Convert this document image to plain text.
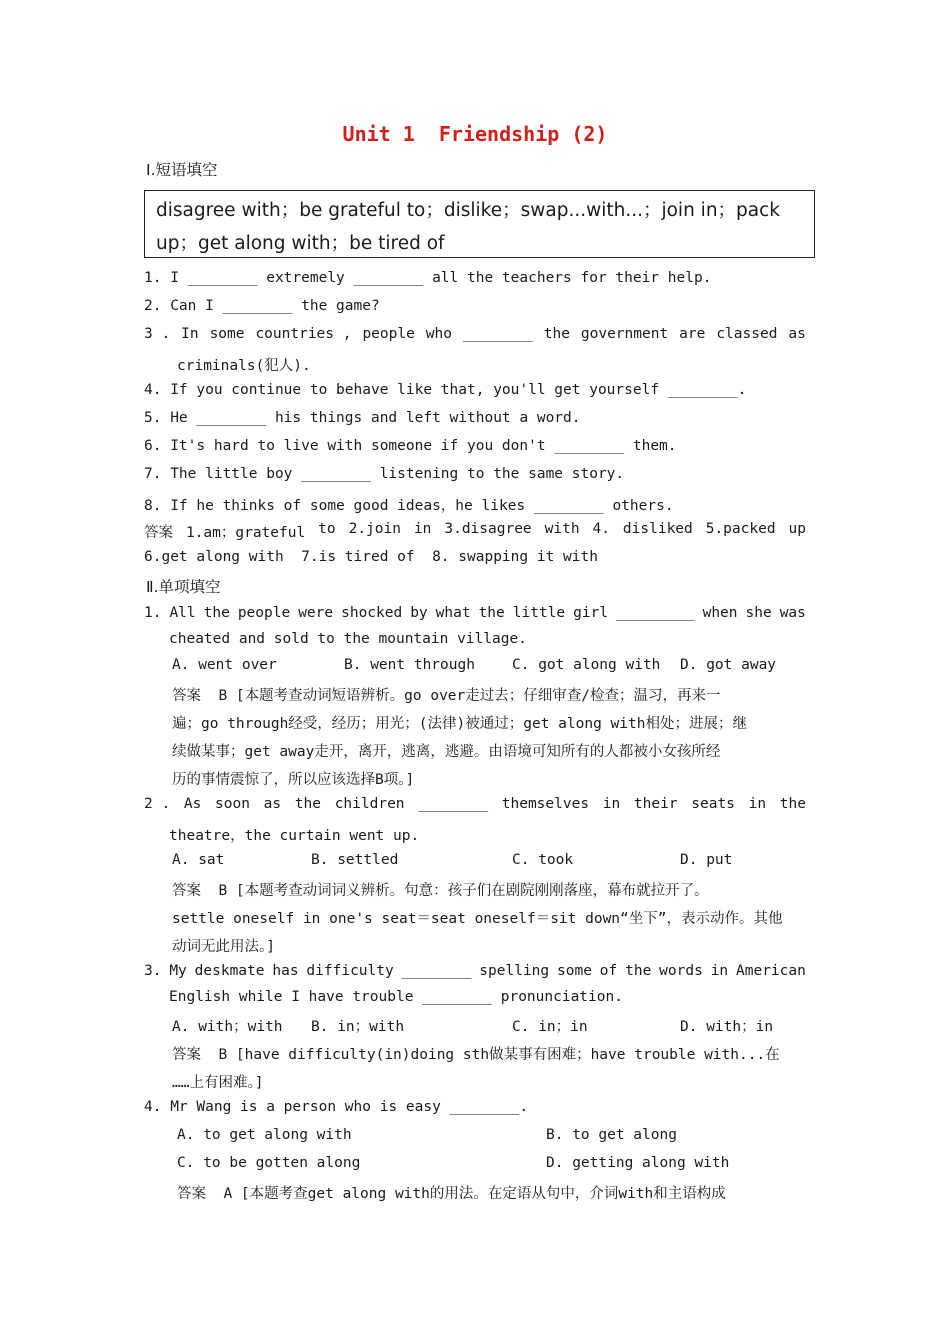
Unit 1  Friendship (2)
Ⅰ.短语填空
disagree with；be grateful to；dislike；swap...with...；join in；pack
up；get along with；be tired of
1. I ________ extremely ________ all the teachers for their help.
2. Can I ________ the game?
3 . In some countries , people who ________ the government are classed as
criminals(犯人).
4. If you continue to behave like that, you'll get yourself ________.
5. He ________ his things and left without a word.
6. It's hard to live with someone if you don't ________ them.
7. The little boy ________ listening to the same story.
8. If he thinks of some good ideas，he likes ________ others.
答案 1.am；grateful to 2.join in 3.disagree with 4. disliked 5.packed up
6.get along with  7.is tired of  8. swapping it with
Ⅱ.单项填空
1. All the people were shocked by what the little girl _________ when she was
cheated and sold to the mountain village.
A. went over	B. went through	C. got along with D. got away
答案  B [本题考查动词短语辨析。go over走过去；仔细审查/检查；温习，再来一
遍；go through经受，经历；用光；(法律)被通过；get along with相处；进展；继
续做某事；get away走开，离开，逃离，逃避。由语境可知所有的人都被小女孩所经
历的事情震惊了，所以应该选择B项。]
2 . As soon as the children ________ themselves in their seats in the
theatre，the curtain went up.
A. sat	B. settled	C. took	D. put
答案  B [本题考查动词词义辨析。句意：孩子们在剧院刚刚落座，幕布就拉开了。
settle oneself in one's seat＝seat oneself＝sit down“坐下”，表示动作。其他
动词无此用法。]
3. My deskmate has difficulty ________ spelling some of the words in American
English while I have trouble ________ pronunciation.
A. with；with B. in；with	C. in；in	D. with；in
答案  B [have difficulty(in)doing sth做某事有困难；have trouble with...在
……上有困难。]
4. Mr Wang is a person who is easy ________.
A. to get along with	B. to get along
C. to be gotten along	D. getting along with
答案  A [本题考查get along with的用法。在定语从句中，介词with和主语构成
